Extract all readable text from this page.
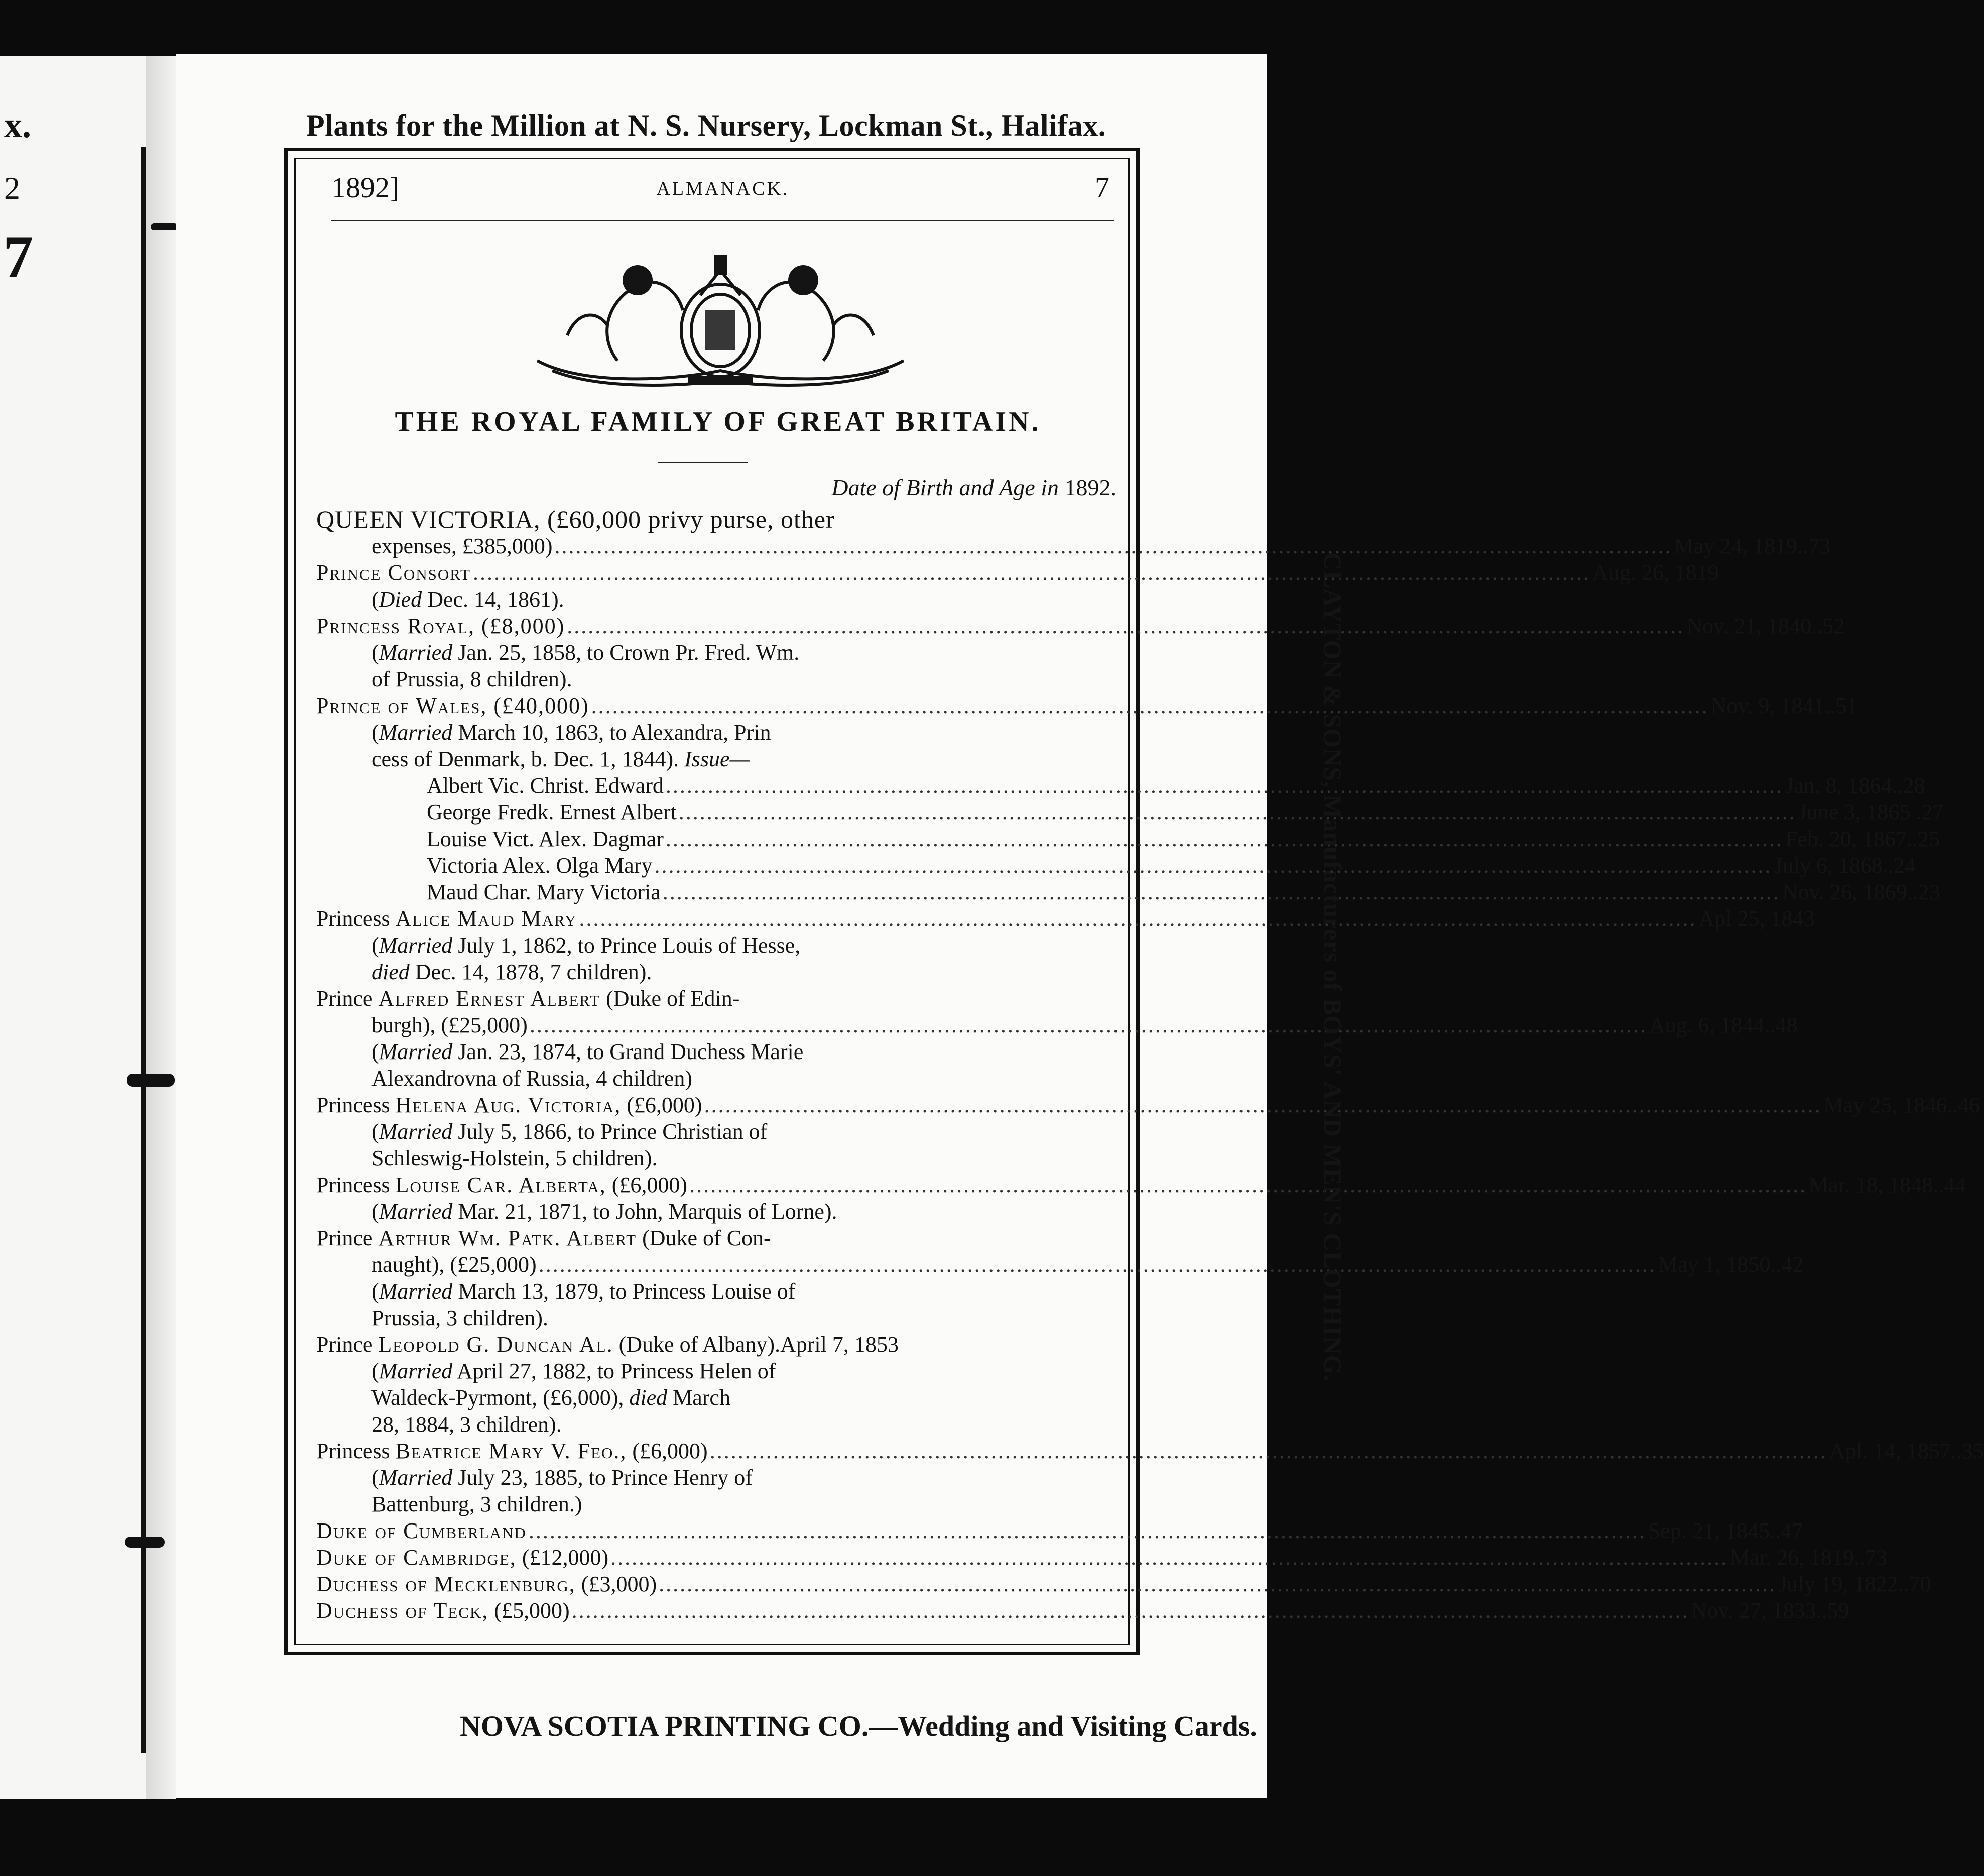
x.
2
7
Plants for the Million at N. S. Nursery, Lockman St., Halifax.
1892]	ALMANACK.	7
THE ROYAL FAMILY OF GREAT BRITAIN.
Date of Birth and Age in 1892.
QUEEN VICTORIA, (£60,000 privy purse, other
expenses, £385,000) .....	May 24, 1819..73
Prince Consort .....	Aug. 26, 1819
(Died Dec. 14, 1861).
Princess Royal, (£8,000) .....	Nov. 21, 1840..52
(Married Jan. 25, 1858, to Crown Pr. Fred. Wm.
of Prussia, 8 children).
Prince of Wales, (£40,000) .....	Nov. 9, 1841..51
(Married March 10, 1863, to Alexandra, Prin
cess of Denmark, b. Dec. 1, 1844). Issue—
Albert Vic. Christ. Edward .....	Jan. 8, 1864..28
George Fredk. Ernest Albert .....	June 3, 1865 .27
Louise Vict. Alex. Dagmar .....	Feb. 20, 1867..25
Victoria Alex. Olga Mary .....	July 6, 1868..24
Maud Char. Mary Victoria .....	Nov. 26, 1869..23
Princess Alice Maud Mary .....	Apl 25, 1843
(Married July 1, 1862, to Prince Louis of Hesse,
died Dec. 14, 1878, 7 children).
Prince Alfred Ernest Albert (Duke of Edin-
burgh), (£25,000) .....	Aug. 6, 1844..48
(Married Jan. 23, 1874, to Grand Duchess Marie
Alexandrovna of Russia, 4 children)
Princess Helena Aug. Victoria, (£6,000) .....	May 25, 1846..46
(Married July 5, 1866, to Prince Christian of
Schleswig-Holstein, 5 children).
Princess Louise Car. Alberta, (£6,000) .....	Mar. 18, 1848..44
(Married Mar. 21, 1871, to John, Marquis of Lorne).
Prince Arthur Wm. Patk. Albert (Duke of Con-
naught), (£25,000) .....	May 1, 1850..42
(Married March 13, 1879, to Princess Louise of
Prussia, 3 children).
Prince Leopold G. Duncan Al. (Duke of Albany). April 7, 1853
(Married April 27, 1882, to Princess Helen of
Waldeck-Pyrmont, (£6,000), died March
28, 1884, 3 children).
Princess Beatrice Mary V. Feo., (£6,000) .....	Apl. 14, 1857..35
(Married July 23, 1885, to Prince Henry of
Battenburg, 3 children.)
Duke of Cumberland .....	Sep. 21, 1845..47
Duke of Cambridge, (£12,000) .....	Mar. 26, 1819..73
Duchess of Mecklenburg, (£3,000) .....	July 19, 1822..70
Duchess of Teck, (£5,000) .....	Nov. 27, 1833..59
CLAYTON & SONS, Manufacturers of BOYS' AND MEN'S CLOTHING.
NOVA SCOTIA PRINTING CO.—Wedding and Visiting Cards.
